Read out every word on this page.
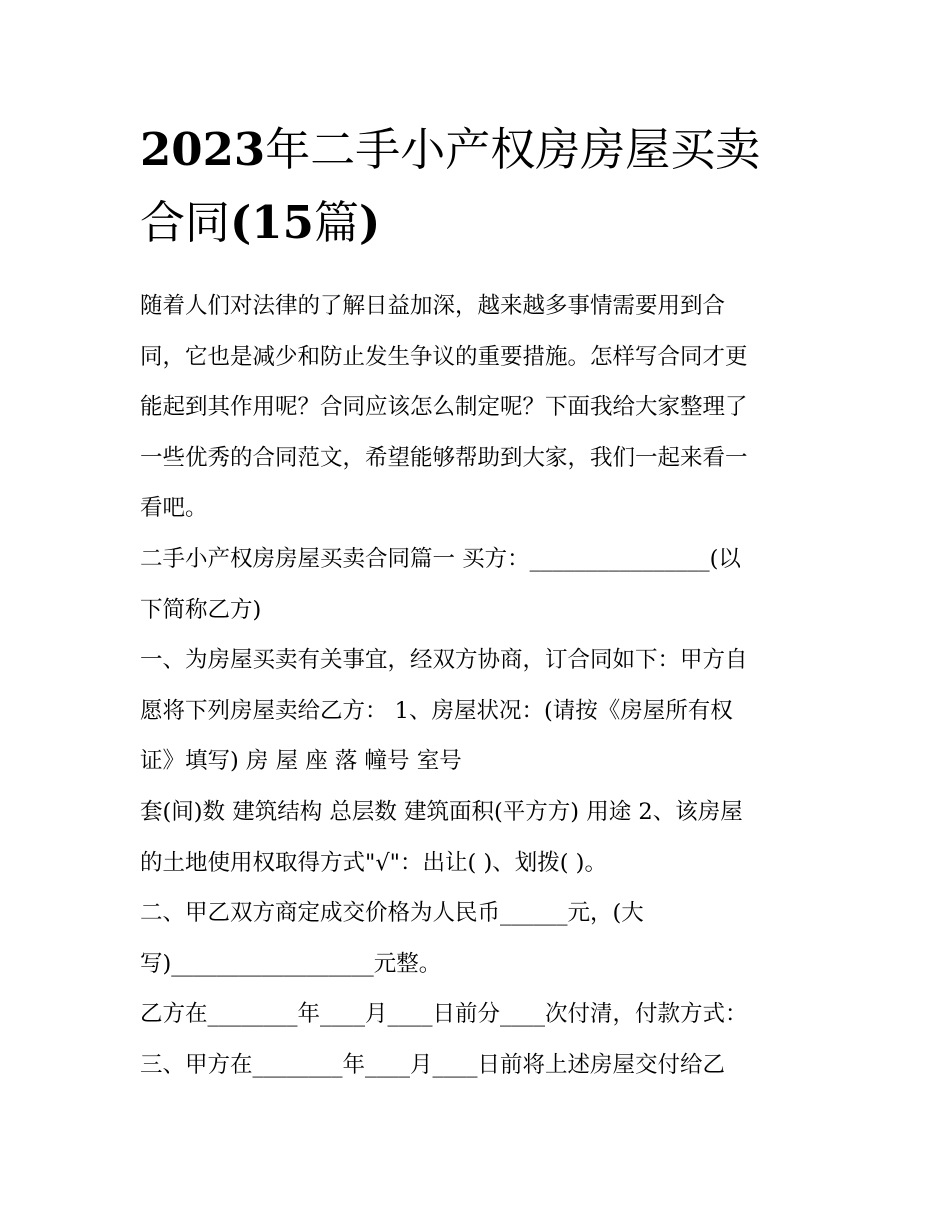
2023年二手小产权房房屋买卖
合同(15篇)
随着人们对法律的了解日益加深，越来越多事情需要用到合
同，它也是减少和防止发生争议的重要措施。怎样写合同才更
能起到其作用呢？合同应该怎么制定呢？下面我给大家整理了
一些优秀的合同范文，希望能够帮助到大家，我们一起来看一
看吧。
二手小产权房房屋买卖合同篇一 买方：________________(以
下简称乙方)
一、为房屋买卖有关事宜，经双方协商，订合同如下：甲方自
愿将下列房屋卖给乙方： 1、房屋状况：(请按《房屋所有权
证》填写) 房 屋 座 落 幢号 室号
套(间)数 建筑结构 总层数 建筑面积(平方方) 用途 2、该房屋
的土地使用权取得方式"√"：出让( )、划拨( )。
二、甲乙双方商定成交价格为人民币______元，(大
写)__________________元整。
乙方在________年____月____日前分____次付清，付款方式：
三、甲方在________年____月____日前将上述房屋交付给乙
